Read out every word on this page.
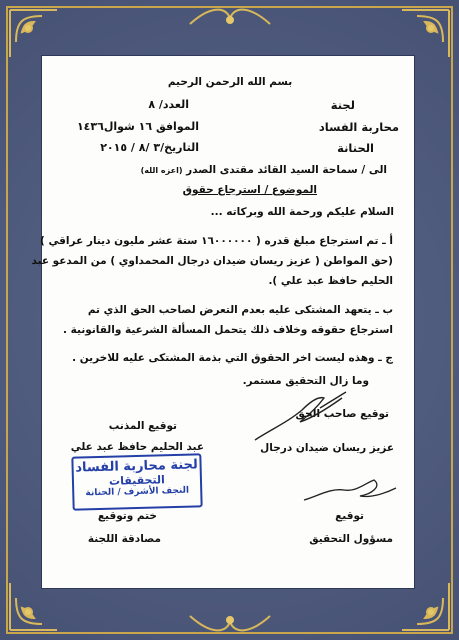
بسم الله الرحمن الرحيم
لجنة
محاربة الفساد
الحنانة
العدد/ ٨
الموافق ١٦ شوال١٤٣٦
التاريخ/٣ /٨ / ٢٠١٥
الى / سماحة السيد القائد مقتدى الصدر (اعزه الله)
الموضوع / استرجاع حقوق
السلام عليكم ورحمة الله وبركاته ...
أ ـ تم استرجاع مبلغ قدره ( ١٦٠٠٠٠٠٠ ستة عشر مليون دينار عراقي )
(حق المواطن ( عزيز ريسان ضيدان درجال المحمداوي ) من المدعو عبد
الحليم حافظ عبد علي ).
ب ـ يتعهد المشتكى عليه بعدم التعرض لصاحب الحق الذي تم
استرجاع حقوقه وخلاف ذلك يتحمل المسألة الشرعية والقانونية .
ج ـ وهذه ليست اخر الحقوق التي بذمة المشتكى عليه للاخرين .
وما زال التحقيق مستمر.
توقيع صاحب الحق
عزيز ريسان ضيدان درجال
توقيع المذنب
عبد الحليم حافظ عبد علي
لجنة محاربة الفساد
التحقيقات
النجف الأشرف / الحنانة
توقيع
مسؤول التحقيق
ختم وتوقيع
مصادقة اللجنة
